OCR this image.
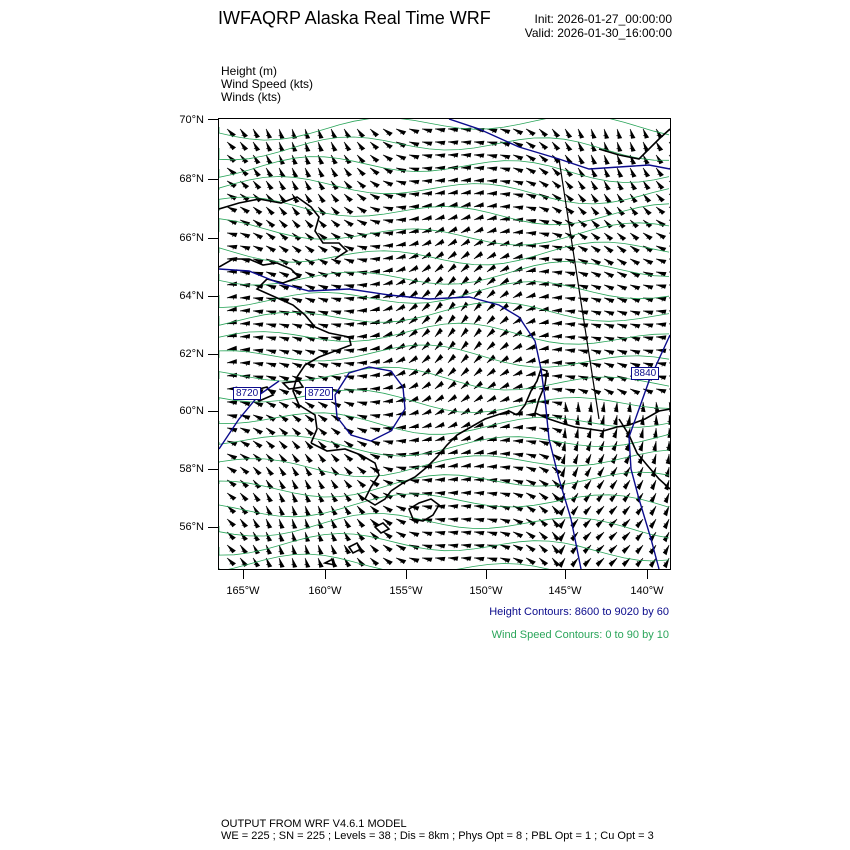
IWFAQRP Alaska Real Time WRF	Init: 2026-01-27_00:00:00
Valid: 2026-01-30_16:00:00
Height (m)
Wind Speed (kts)
Winds (kts)
70°N
68°N
66°N
64°N
62°N
60°N
58°N
56°N
165°W	160°W	155°W	150°W	145°W	140°W
8720	8720
8840
Height Contours: 8600 to 9020 by 60
Wind Speed Contours: 0 to 90 by 10
OUTPUT FROM WRF V4.6.1 MODEL
WE = 225 ; SN = 225 ; Levels = 38 ; Dis = 8km ; Phys Opt = 8 ; PBL Opt = 1 ; Cu Opt = 3
